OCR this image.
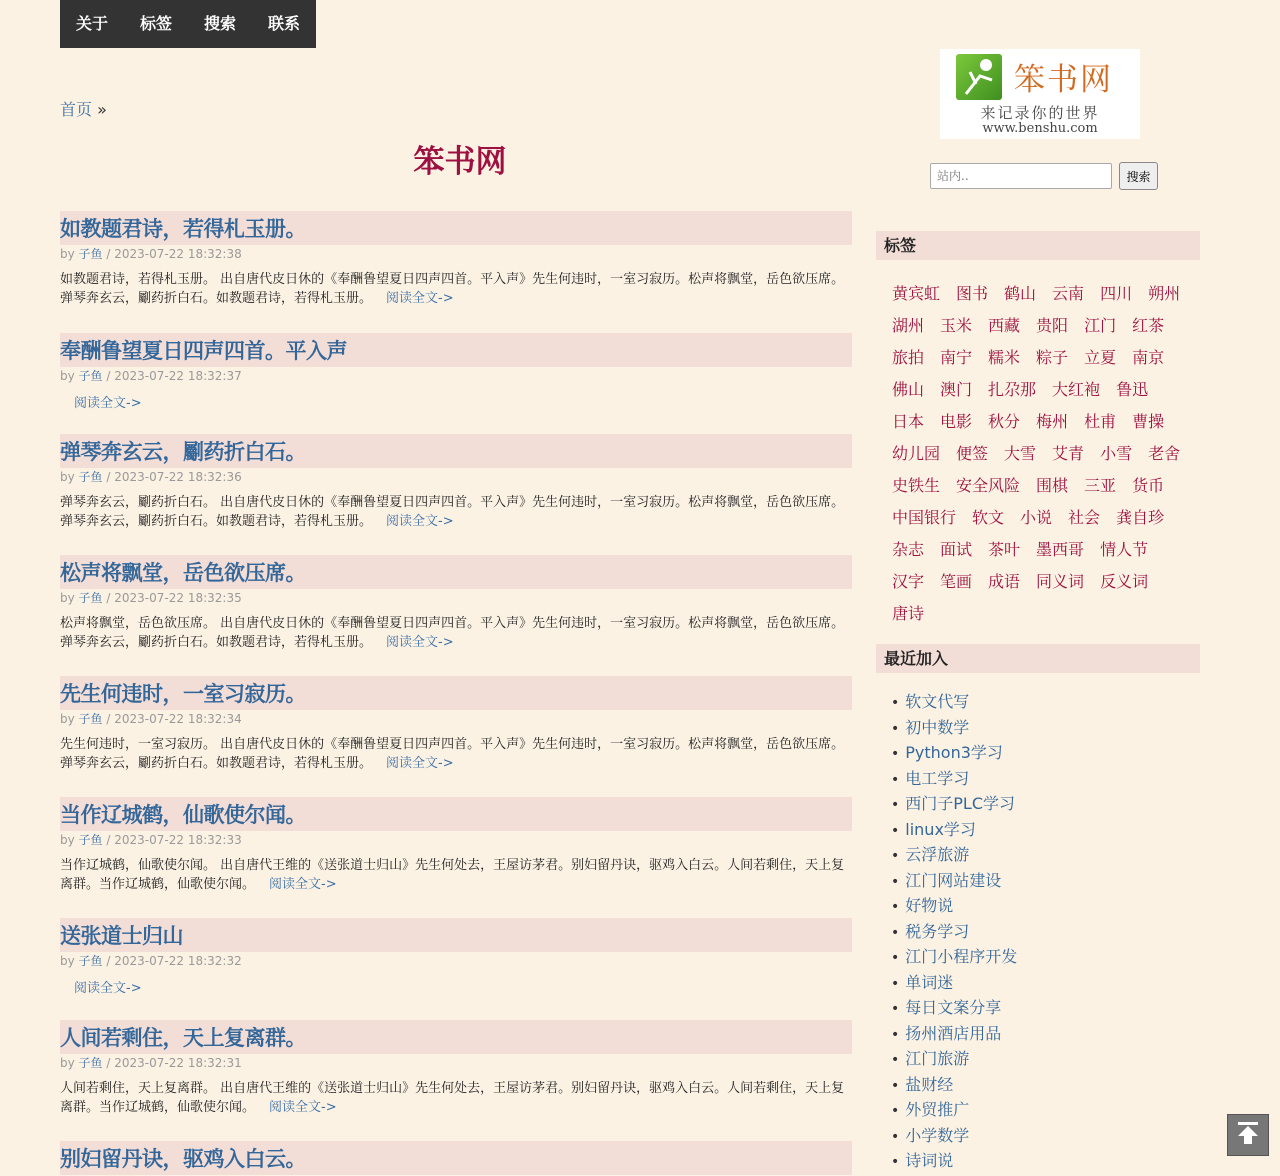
关于	标签	搜索	联系
首页 »
笨书网
如教题君诗，若得札玉册。
by 子鱼 / 2023-07-22 18:32:38
如教题君诗，若得札玉册。 出自唐代皮日休的《奉酬鲁望夏日四声四首。平入声》先生何违时，一室习寂历。松声将飘堂，岳色欲压席。弹琴奔玄云，劚药折白石。如教题君诗，若得札玉册。 阅读全文->
奉酬鲁望夏日四声四首。平入声
by 子鱼 / 2023-07-22 18:32:37
阅读全文->
弹琴奔玄云，劚药折白石。
by 子鱼 / 2023-07-22 18:32:36
弹琴奔玄云，劚药折白石。 出自唐代皮日休的《奉酬鲁望夏日四声四首。平入声》先生何违时，一室习寂历。松声将飘堂，岳色欲压席。弹琴奔玄云，劚药折白石。如教题君诗，若得札玉册。 阅读全文->
松声将飘堂，岳色欲压席。
by 子鱼 / 2023-07-22 18:32:35
松声将飘堂，岳色欲压席。 出自唐代皮日休的《奉酬鲁望夏日四声四首。平入声》先生何违时，一室习寂历。松声将飘堂，岳色欲压席。弹琴奔玄云，劚药折白石。如教题君诗，若得札玉册。 阅读全文->
先生何违时，一室习寂历。
by 子鱼 / 2023-07-22 18:32:34
先生何违时，一室习寂历。 出自唐代皮日休的《奉酬鲁望夏日四声四首。平入声》先生何违时，一室习寂历。松声将飘堂，岳色欲压席。弹琴奔玄云，劚药折白石。如教题君诗，若得札玉册。 阅读全文->
当作辽城鹤，仙歌使尔闻。
by 子鱼 / 2023-07-22 18:32:33
当作辽城鹤，仙歌使尔闻。 出自唐代王维的《送张道士归山》先生何处去，王屋访茅君。别妇留丹诀，驱鸡入白云。人间若剩住，天上复离群。当作辽城鹤，仙歌使尔闻。 阅读全文->
送张道士归山
by 子鱼 / 2023-07-22 18:32:32
阅读全文->
人间若剩住，天上复离群。
by 子鱼 / 2023-07-22 18:32:31
人间若剩住，天上复离群。 出自唐代王维的《送张道士归山》先生何处去，王屋访茅君。别妇留丹诀，驱鸡入白云。人间若剩住，天上复离群。当作辽城鹤，仙歌使尔闻。 阅读全文->
别妇留丹诀，驱鸡入白云。
笨书网
来记录你的世界
www.benshu.com
站内..
搜索
标签
黄宾虹 图书 鹤山 云南 四川 朔州
湖州 玉米 西藏 贵阳 江门 红茶
旅拍 南宁 糯米 粽子 立夏 南京
佛山 澳门 扎尕那 大红袍 鲁迅
日本 电影 秋分 梅州 杜甫 曹操
幼儿园 便签 大雪 艾青 小雪 老舍
史铁生 安全风险 围棋 三亚 货币
中国银行 软文 小说 社会 龚自珍
杂志 面试 茶叶 墨西哥 情人节
汉字 笔画 成语 同义词 反义词
唐诗
最近加入
• 软文代写
• 初中数学
• Python3学习
• 电工学习
• 西门子PLC学习
• linux学习
• 云浮旅游
• 江门网站建设
• 好物说
• 税务学习
• 江门小程序开发
• 单词迷
• 每日文案分享
• 扬州酒店用品
• 江门旅游
• 盐财经
• 外贸推广
• 小学数学
• 诗词说
